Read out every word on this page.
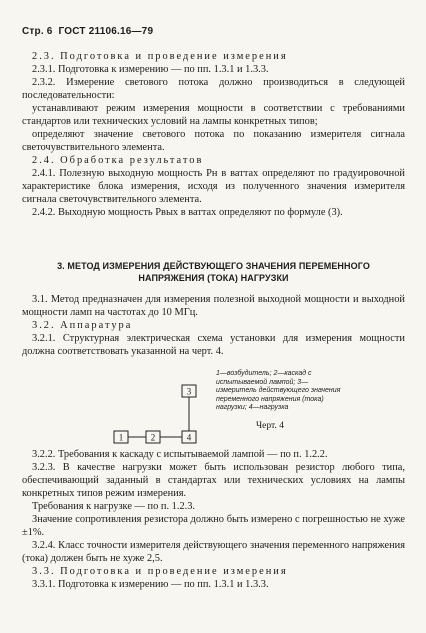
Стр. 6 ГОСТ 21106.16—79

2.3. Подготовка и проведение измерения

2.3.1. Подготовка к измерению — по пп. 1.3.1 и 1.3.3.

2.3.2. Измерение светового потока должно производиться в следующей последовательности:

устанавливают режим измерения мощности в соответствии с требованиями стандартов или технических условий на лампы конкретных типов;

определяют значение светового потока по показанию измерителя сигнала светочувствительного элемента.

2.4. Обработка результатов

2.4.1. Полезную выходную мощность Pн в ваттах определяют по градуировочной характеристике блока измерения, исходя из полученного значения измерителя сигнала светочувствительного элемента.

2.4.2. Выходную мощность Pвых в ваттах определяют по формуле (3).

3. МЕТОД ИЗМЕРЕНИЯ ДЕЙСТВУЮЩЕГО ЗНАЧЕНИЯ ПЕРЕМЕННОГО
НАПРЯЖЕНИЯ (ТОКА) НАГРУЗКИ

3.1. Метод предназначен для измерения полезной выходной мощности и выходной мощности ламп на частотах до 10 МГц.

3.2. Аппаратура

3.2.1. Структурная электрическая схема установки для измерения мощности должна соответствовать указанной на черт. 4.

1	2
3
4
1—возбудитель; 2—каскад с испытываемой лампой; 3—измеритель действующего значения переменного напряжения (тока) нагрузки; 4—нагрузка
Черт. 4

3.2.2. Требования к каскаду с испытываемой лампой — по п. 1.2.2.

3.2.3. В качестве нагрузки может быть использован резистор любого типа, обеспечивающий заданный в стандартах или технических условиях на лампы конкретных типов режим измерения.

Требования к нагрузке — по п. 1.2.3.

Значение сопротивления резистора должно быть измерено с погрешностью не хуже ±1%.

3.2.4. Класс точности измерителя действующего значения переменного напряжения (тока) должен быть не хуже 2,5.

3.3. Подготовка и проведение измерения

3.3.1. Подготовка к измерению — по пп. 1.3.1 и 1.3.3.
